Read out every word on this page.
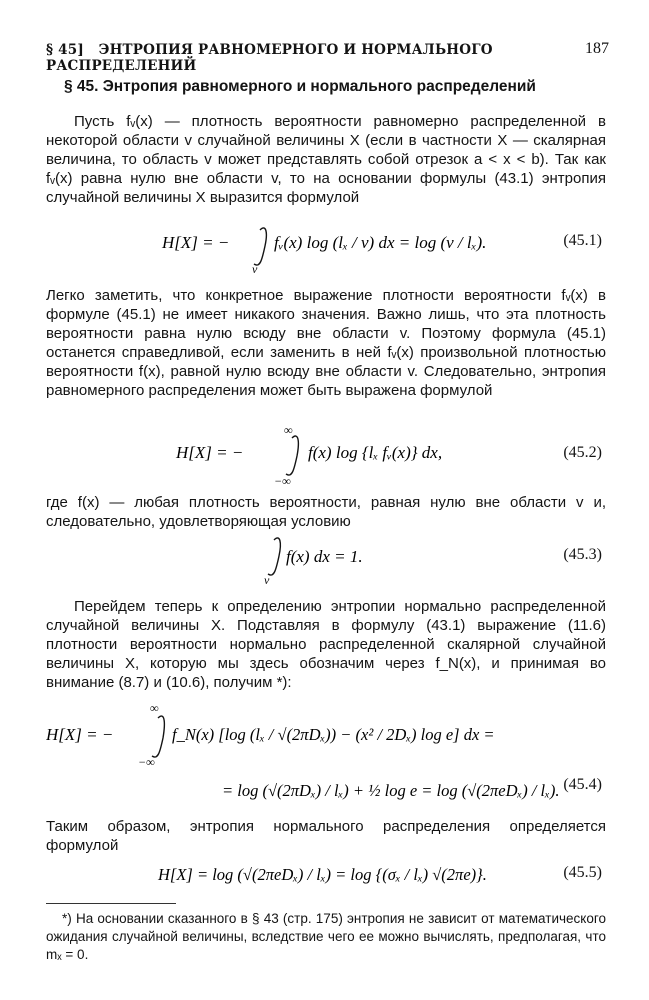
§ 45] ЭНТРОПИЯ РАВНОМЕРНОГО И НОРМАЛЬНОГО РАСПРЕДЕЛЕНИЙ
187
§ 45. Энтропия равномерного и нормального распределений

Пусть fᵥ(x) — плотность вероятности равномерно распределенной в некоторой области v случайной величины X (если в частности X — скалярная величина, то область v может представлять собой отрезок a < x < b). Так как fᵥ(x) равна нулю вне области v, то на основании формулы (43.1) энтропия случайной величины X выразится формулой

H[X] = −
v
fᵥ(x) log (lₓ / v) dx = log (v / lₓ).	(45.1)

Легко заметить, что конкретное выражение плотности вероятности fᵥ(x) в формуле (45.1) не имеет никакого значения. Важно лишь, что эта плотность вероятности равна нулю всюду вне области v. Поэтому формула (45.1) останется справедливой, если заменить в ней fᵥ(x) произвольной плотностью вероятности f(x), равной нулю всюду вне области v. Следовательно, энтропия равномерного распределения может быть выражена формулой

H[X] = −
∞
−∞
f(x) log {lₓ fᵥ(x)} dx,	(45.2)

где f(x) — любая плотность вероятности, равная нулю вне области v и, следовательно, удовлетворяющая условию

v
f(x) dx = 1.	(45.3)

Перейдем теперь к определению энтропии нормально распределенной случайной величины X. Подставляя в формулу (43.1) выражение (11.6) плотности вероятности нормально распределенной скалярной случайной величины X, которую мы здесь обозначим через f_N(x), и принимая во внимание (8.7) и (10.6), получим *):

H[X] = −
∞
−∞
f_N(x) [log (lₓ / √(2πDₓ)) − (x² / 2Dₓ) log e] dx =
= log (√(2πDₓ) / lₓ) + ½ log e = log (√(2πeDₓ) / lₓ). (45.4)

Таким образом, энтропия нормального распределения определяется формулой

H[X] = log (√(2πeDₓ) / lₓ) = log {(σₓ / lₓ) √(2πe)}.	(45.5)

*) На основании сказанного в § 43 (стр. 175) энтропия не зависит от математического ожидания случайной величины, вследствие чего ее можно вычислять, предполагая, что mₓ = 0.
